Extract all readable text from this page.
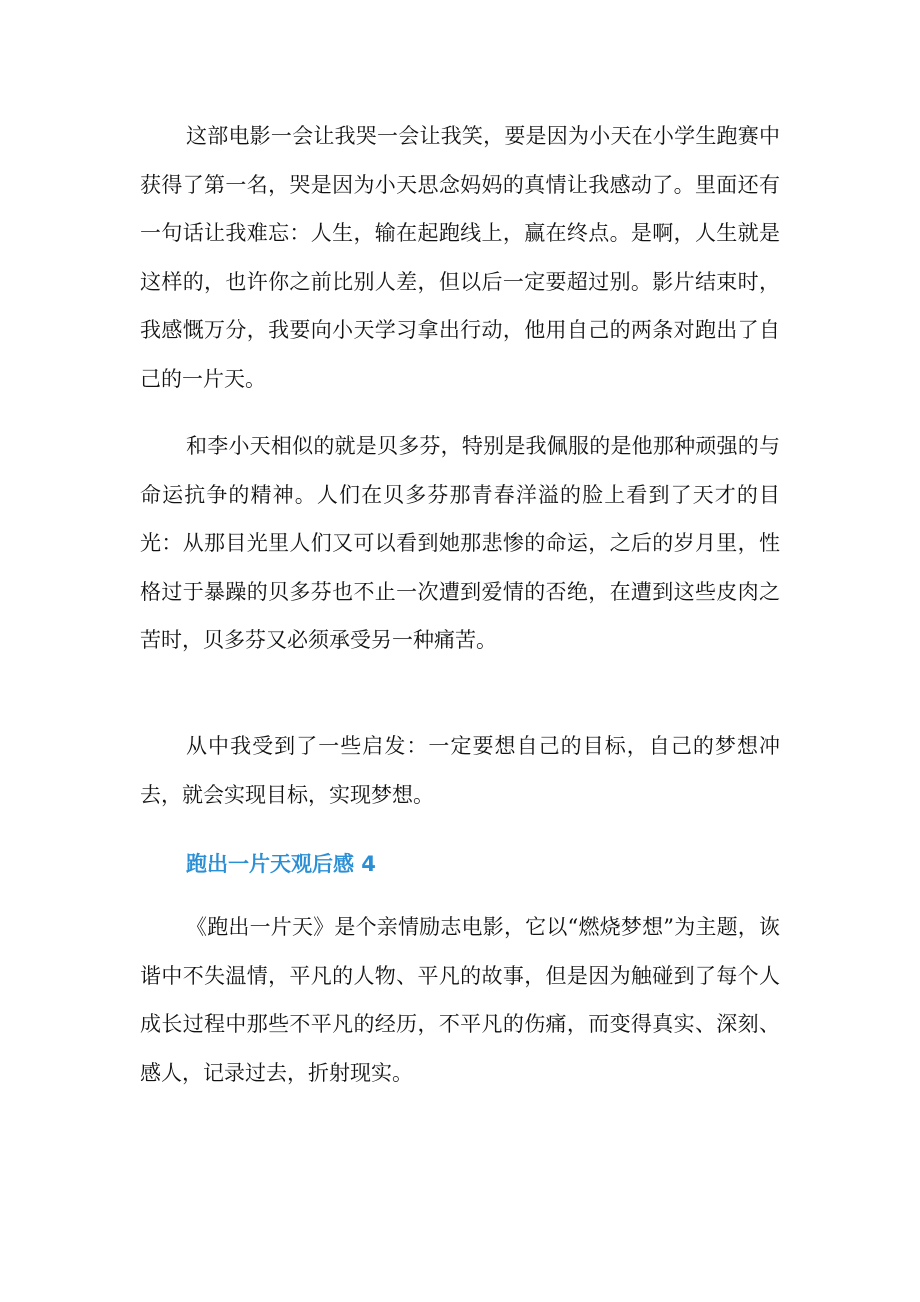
这部电影一会让我哭一会让我笑，要是因为小天在小学生跑赛中获得了第一名，哭是因为小天思念妈妈的真情让我感动了。里面还有一句话让我难忘：人生，输在起跑线上，赢在终点。是啊，人生就是这样的，也许你之前比别人差，但以后一定要超过别。影片结束时，我感慨万分，我要向小天学习拿出行动，他用自己的两条对跑出了自己的一片天。

和李小天相似的就是贝多芬，特别是我佩服的是他那种顽强的与命运抗争的精神。人们在贝多芬那青春洋溢的脸上看到了天才的目光：从那目光里人们又可以看到她那悲惨的命运，之后的岁月里，性格过于暴躁的贝多芬也不止一次遭到爱情的否绝，在遭到这些皮肉之苦时，贝多芬又必须承受另一种痛苦。

从中我受到了一些启发：一定要想自己的目标，自己的梦想冲去，就会实现目标，实现梦想。

跑出一片天观后感 4

《跑出一片天》是个亲情励志电影，它以“燃烧梦想”为主题，诙谐中不失温情，平凡的人物、平凡的故事，但是因为触碰到了每个人成长过程中那些不平凡的经历，不平凡的伤痛，而变得真实、深刻、感人，记录过去，折射现实。
